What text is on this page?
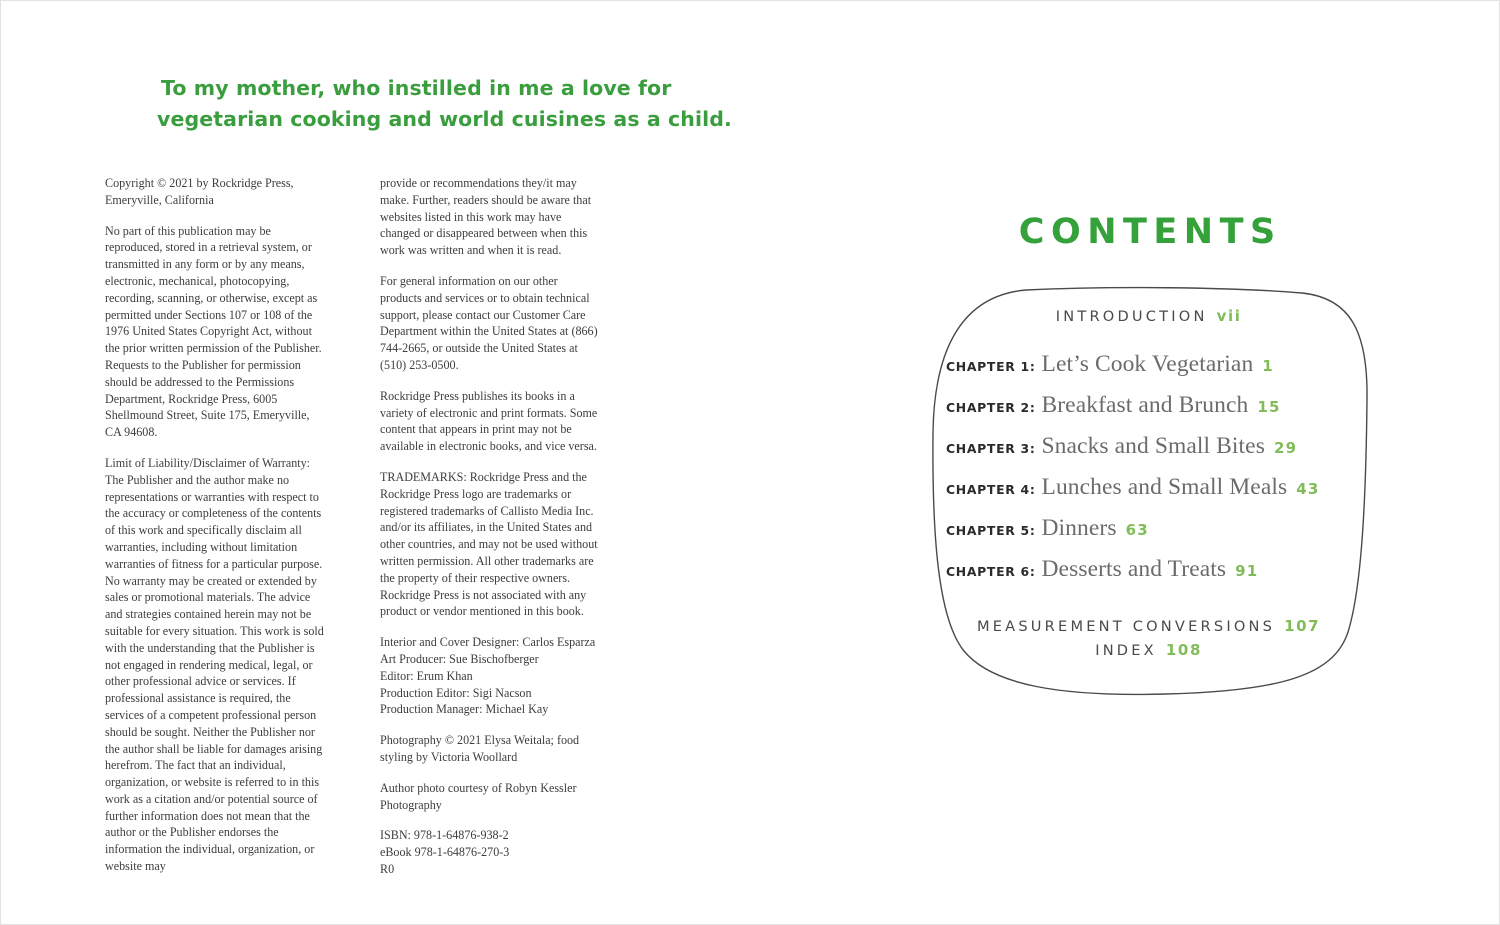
To my mother, who instilled in me a love for
vegetarian cooking and world cuisines as a child.

Copyright © 2021 by Rockridge Press, Emeryville, California

No part of this publication may be reproduced, stored in a retrieval system, or transmitted in any form or by any means, electronic, mechanical, photocopying, recording, scanning, or otherwise, except as permitted under Sections 107 or 108 of the 1976 United States Copyright Act, without the prior written permission of the Publisher. Requests to the Publisher for permission should be addressed to the Permissions Department, Rockridge Press, 6005 Shellmound Street, Suite 175, Emeryville, CA 94608.

Limit of Liability/Disclaimer of Warranty: The Publisher and the author make no representations or warranties with respect to the accuracy or completeness of the contents of this work and specifically disclaim all warranties, including without limitation warranties of fitness for a particular purpose. No warranty may be created or extended by sales or promotional materials. The advice and strategies contained herein may not be suitable for every situation. This work is sold with the understanding that the Publisher is not engaged in rendering medical, legal, or other professional advice or services. If professional assistance is required, the services of a competent professional person should be sought. Neither the Publisher nor the author shall be liable for damages arising herefrom. The fact that an individual, organization, or website is referred to in this work as a citation and/or potential source of further information does not mean that the author or the Publisher endorses the information the individual, organization, or website may

provide or recommendations they/it may make. Further, readers should be aware that websites listed in this work may have changed or disappeared between when this work was written and when it is read.

For general information on our other products and services or to obtain technical support, please contact our Customer Care Department within the United States at (866) 744-2665, or outside the United States at (510) 253-0500.

Rockridge Press publishes its books in a variety of electronic and print formats. Some content that appears in print may not be available in electronic books, and vice versa.

TRADEMARKS: Rockridge Press and the Rockridge Press logo are trademarks or registered trademarks of Callisto Media Inc. and/or its affiliates, in the United States and other countries, and may not be used without written permission. All other trademarks are the property of their respective owners. Rockridge Press is not associated with any product or vendor mentioned in this book.

Interior and Cover Designer: Carlos Esparza
Art Producer: Sue Bischofberger
Editor: Erum Khan
Production Editor: Sigi Nacson
Production Manager: Michael Kay

Photography © 2021 Elysa Weitala; food styling by Victoria Woollard

Author photo courtesy of Robyn Kessler Photography

ISBN: 978-1-64876-938-2
eBook 978-1-64876-270-3
R0
CONTENTS
INTRODUCTION vii
CHAPTER 1: Let’s Cook Vegetarian 1
CHAPTER 2: Breakfast and Brunch 15
CHAPTER 3: Snacks and Small Bites 29
CHAPTER 4: Lunches and Small Meals 43
CHAPTER 5: Dinners 63
CHAPTER 6: Desserts and Treats 91
MEASUREMENT CONVERSIONS 107
INDEX 108
